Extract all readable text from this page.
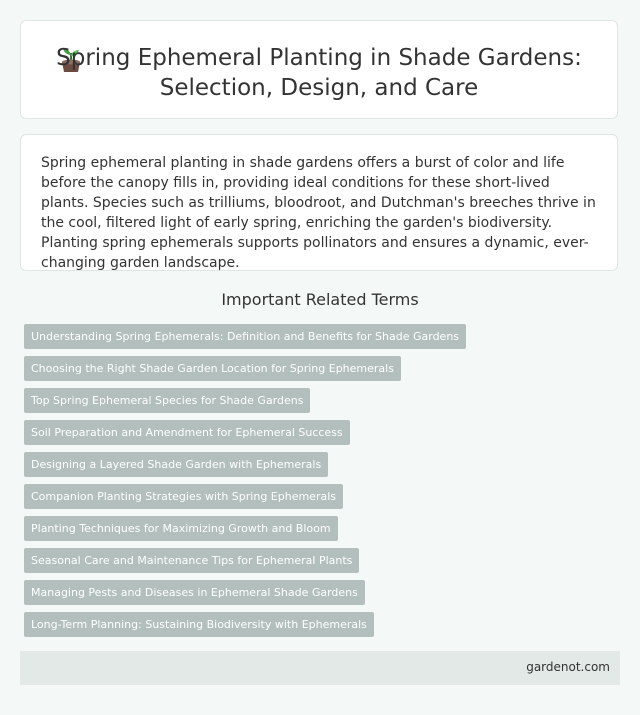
Spring Ephemeral Planting in Shade Gardens:
Selection, Design, and Care

Spring ephemeral planting in shade gardens offers a burst of color and life before the canopy fills in, providing ideal conditions for these short-lived plants. Species such as trilliums, bloodroot, and Dutchman's breeches thrive in the cool, filtered light of early spring, enriching the garden's biodiversity. Planting spring ephemerals supports pollinators and ensures a dynamic, ever-changing garden landscape.

Important Related Terms
Understanding Spring Ephemerals: Definition and Benefits for Shade Gardens
Choosing the Right Shade Garden Location for Spring Ephemerals
Top Spring Ephemeral Species for Shade Gardens
Soil Preparation and Amendment for Ephemeral Success
Designing a Layered Shade Garden with Ephemerals
Companion Planting Strategies with Spring Ephemerals
Planting Techniques for Maximizing Growth and Bloom
Seasonal Care and Maintenance Tips for Ephemeral Plants
Managing Pests and Diseases in Ephemeral Shade Gardens
Long-Term Planning: Sustaining Biodiversity with Ephemerals
gardenot.com
